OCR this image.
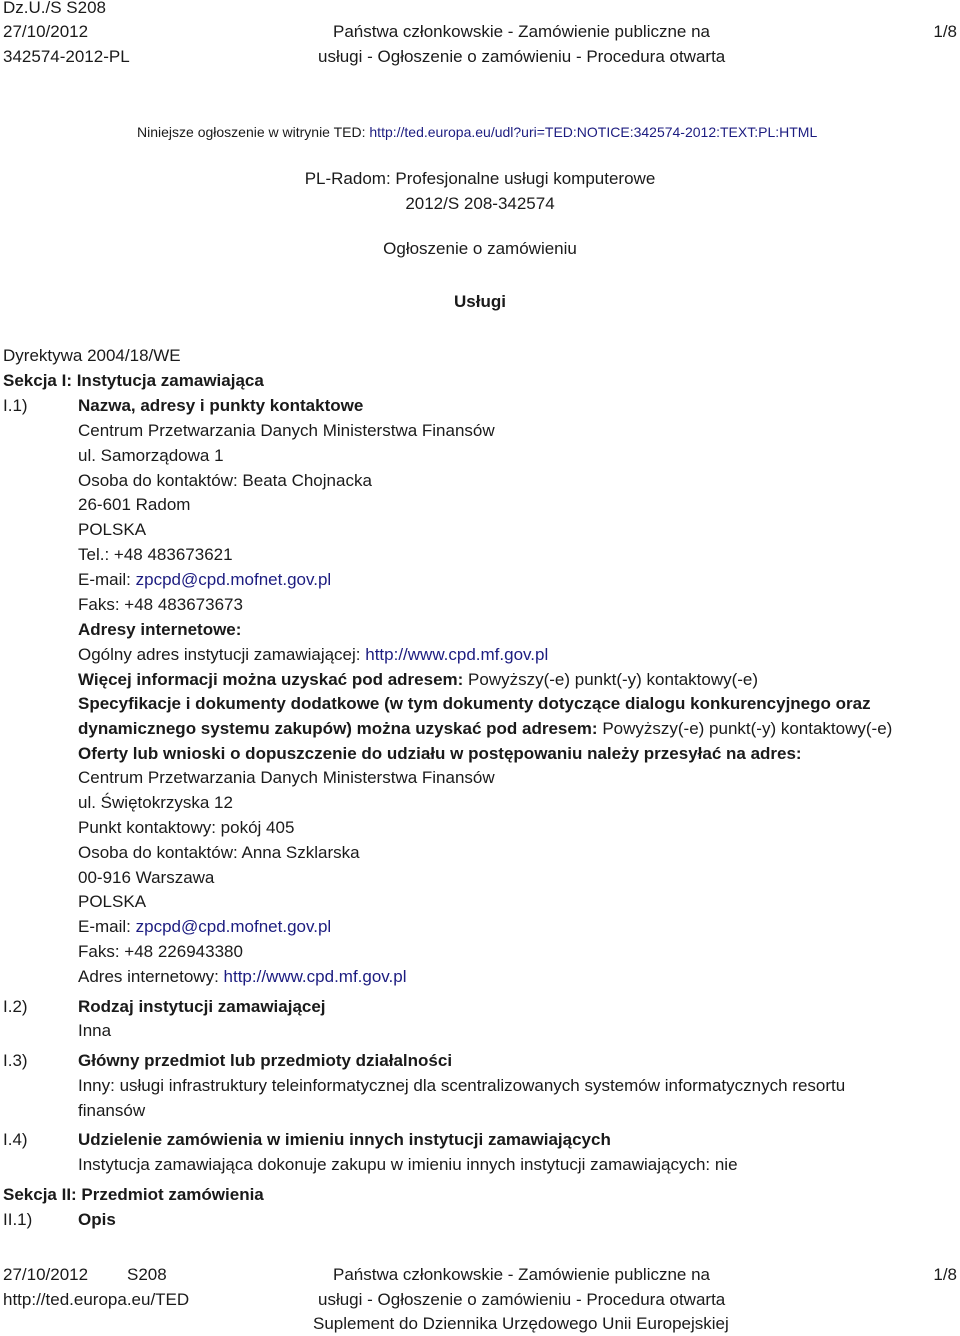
Dz.U./S S208
27/10/2012
342574-2012-PL
Państwa członkowskie - Zamówienie publiczne na
usługi - Ogłoszenie o zamówieniu - Procedura otwarta
1/8
Niniejsze ogłoszenie w witrynie TED: http://ted.europa.eu/udl?uri=TED:NOTICE:342574-2012:TEXT:PL:HTML
PL-Radom: Profesjonalne usługi komputerowe
2012/S 208-342574
Ogłoszenie o zamówieniu
Usługi
Dyrektywa 2004/18/WE
Sekcja I: Instytucja zamawiająca
I.1)	Nazwa, adresy i punkty kontaktowe
Centrum Przetwarzania Danych Ministerstwa Finansów
ul. Samorządowa 1
Osoba do kontaktów: Beata Chojnacka
26-601 Radom
POLSKA
Tel.: +48 483673621
E-mail: zpcpd@cpd.mofnet.gov.pl
Faks: +48 483673673
Adresy internetowe:
Ogólny adres instytucji zamawiającej: http://www.cpd.mf.gov.pl
Więcej informacji można uzyskać pod adresem: Powyższy(-e) punkt(-y) kontaktowy(-e)
Specyfikacje i dokumenty dodatkowe (w tym dokumenty dotyczące dialogu konkurencyjnego oraz
dynamicznego systemu zakupów) można uzyskać pod adresem: Powyższy(-e) punkt(-y) kontaktowy(-e)
Oferty lub wnioski o dopuszczenie do udziału w postępowaniu należy przesyłać na adres:
Centrum Przetwarzania Danych Ministerstwa Finansów
ul. Świętokrzyska 12
Punkt kontaktowy: pokój 405
Osoba do kontaktów: Anna Szklarska
00-916 Warszawa
POLSKA
E-mail: zpcpd@cpd.mofnet.gov.pl
Faks: +48 226943380
Adres internetowy: http://www.cpd.mf.gov.pl
I.2)	Rodzaj instytucji zamawiającej
Inna
I.3)	Główny przedmiot lub przedmioty działalności
Inny: usługi infrastruktury teleinformatycznej dla scentralizowanych systemów informatycznych resortu
finansów
I.4)	Udzielenie zamówienia w imieniu innych instytucji zamawiających
Instytucja zamawiająca dokonuje zakupu w imieniu innych instytucji zamawiających: nie
Sekcja II: Przedmiot zamówienia
II.1)	Opis
27/10/2012 S208
http://ted.europa.eu/TED
Państwa członkowskie - Zamówienie publiczne na
usługi - Ogłoszenie o zamówieniu - Procedura otwarta
Suplement do Dziennika Urzędowego Unii Europejskiej
1/8
